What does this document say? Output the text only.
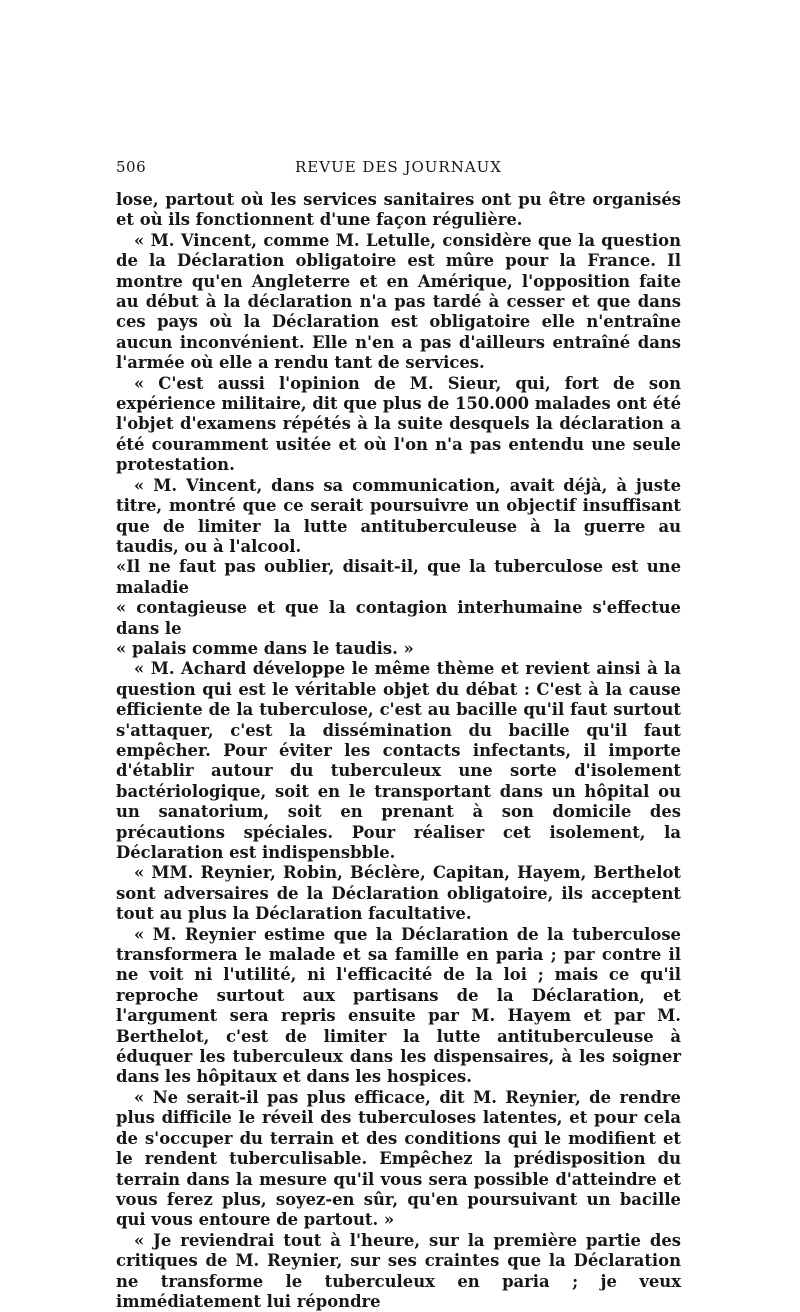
506	REVUE DES JOURNAUX

lose, partout où les services sanitaires ont pu être organisés et où ils fonctionnent d'une façon régulière.

« M. Vincent, comme M. Letulle, considère que la question de la Déclaration obligatoire est mûre pour la France. Il montre qu'en Angleterre et en Amérique, l'opposition faite au début à la déclaration n'a pas tardé à cesser et que dans ces pays où la Déclaration est obligatoire elle n'entraîne aucun inconvénient. Elle n'en a pas d'ailleurs entraîné dans l'armée où elle a rendu tant de services.

« C'est aussi l'opinion de M. Sieur, qui, fort de son expérience militaire, dit que plus de 150.000 malades ont été l'objet d'examens répétés à la suite desquels la déclaration a été couramment usitée et où l'on n'a pas entendu une seule protestation.

« M. Vincent, dans sa communication, avait déjà, à juste titre, montré que ce serait poursuivre un objectif insuffisant que de limiter la lutte antituberculeuse à la guerre au taudis, ou à l'alcool.

«Il ne faut pas oublier, disait-il, que la tuberculose est une maladie

« contagieuse et que la contagion interhumaine s'effectue dans le

« palais comme dans le taudis. »

« M. Achard développe le même thème et revient ainsi à la question qui est le véritable objet du débat : C'est à la cause efficiente de la tuberculose, c'est au bacille qu'il faut surtout s'attaquer, c'est la dissémination du bacille qu'il faut empêcher. Pour éviter les contacts infectants, il importe d'établir autour du tuberculeux une sorte d'isolement bactériologique, soit en le transportant dans un hôpital ou un sanatorium, soit en prenant à son domicile des précautions spéciales. Pour réaliser cet isolement, la Déclaration est indispensbble.

« MM. Reynier, Robin, Béclère, Capitan, Hayem, Berthelot sont adversaires de la Déclaration obligatoire, ils acceptent tout au plus la Déclaration facultative.

« M. Reynier estime que la Déclaration de la tuberculose transformera le malade et sa famille en paria ; par contre il ne voit ni l'utilité, ni l'efficacité de la loi ; mais ce qu'il reproche surtout aux partisans de la Déclaration, et l'argument sera repris ensuite par M. Hayem et par M. Berthelot, c'est de limiter la lutte antituberculeuse à éduquer les tuberculeux dans les dispensaires, à les soigner dans les hôpitaux et dans les hospices.

« Ne serait-il pas plus efficace, dit M. Reynier, de rendre plus difficile le réveil des tuberculoses latentes, et pour cela de s'occuper du terrain et des conditions qui le modifient et le rendent tuberculisable. Empêchez la prédisposition du terrain dans la mesure qu'il vous sera possible d'atteindre et vous ferez plus, soyez-en sûr, qu'en poursuivant un bacille qui vous entoure de partout. »

« Je reviendrai tout à l'heure, sur la première partie des critiques de M. Reynier, sur ses craintes que la Déclaration ne transforme le tuberculeux en paria ; je veux immédiatement lui répondre
